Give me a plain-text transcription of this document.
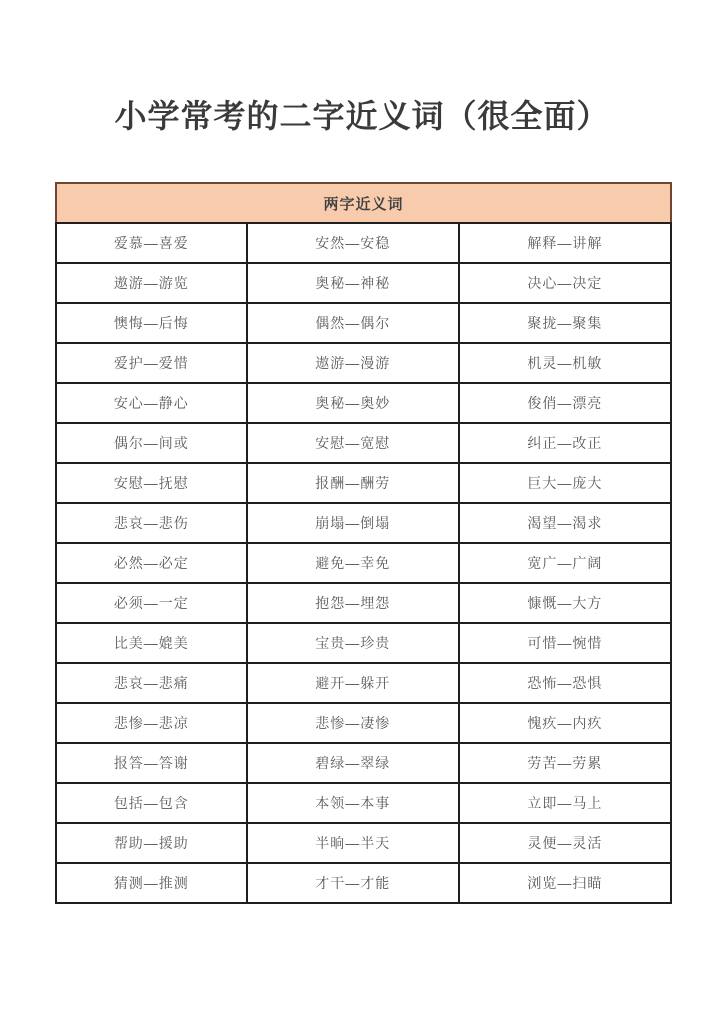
小学常考的二字近义词（很全面）
两字近义词		
爱慕—喜爱	安然—安稳	解释—讲解
遨游—游览	奥秘—神秘	决心—决定
懊悔—后悔	偶然—偶尔	聚拢—聚集
爱护—爱惜	遨游—漫游	机灵—机敏
安心—静心	奥秘—奥妙	俊俏—漂亮
偶尔—间或	安慰—宽慰	纠正—改正
安慰—抚慰	报酬—酬劳	巨大—庞大
悲哀—悲伤	崩塌—倒塌	渴望—渴求
必然—必定	避免—幸免	宽广—广阔
必须—一定	抱怨—埋怨	慷慨—大方
比美—媲美	宝贵—珍贵	可惜—惋惜
悲哀—悲痛	避开—躲开	恐怖—恐惧
悲惨—悲凉	悲惨—凄惨	愧疚—内疚
报答—答谢	碧绿—翠绿	劳苦—劳累
包括—包含	本领—本事	立即—马上
帮助—援助	半晌—半天	灵便—灵活
猜测—推测	才干—才能	浏览—扫瞄
